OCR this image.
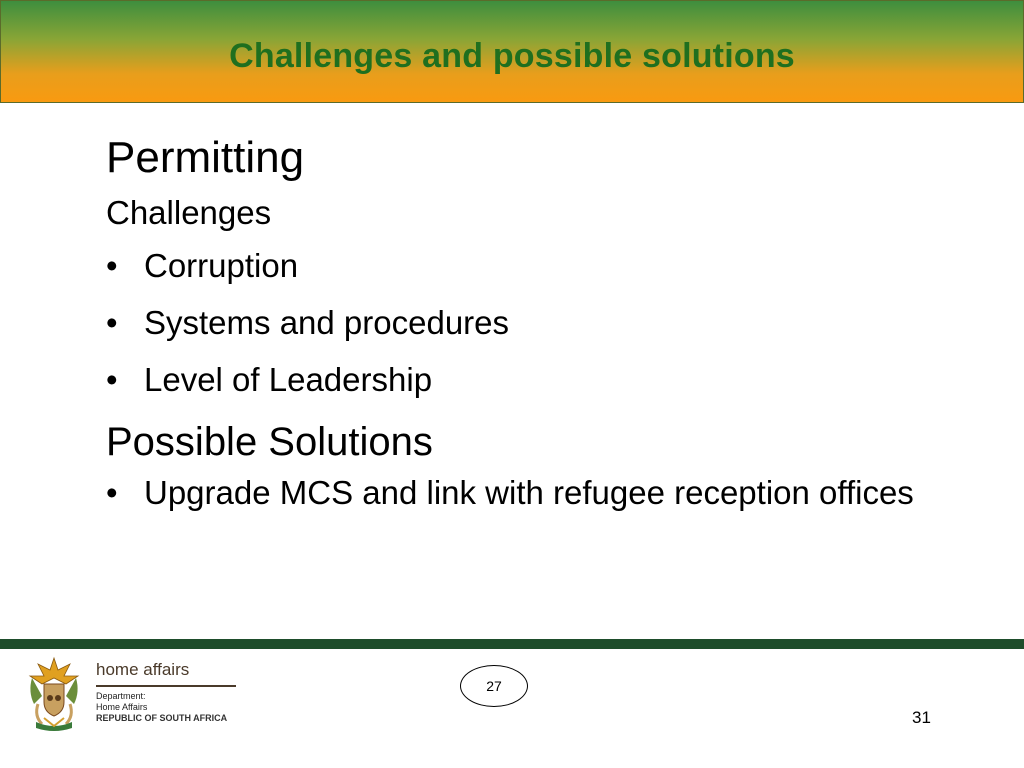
Challenges and possible solutions
Permitting
Challenges
• Corruption
• Systems and procedures
• Level of Leadership
Possible Solutions
• Upgrade MCS and link with refugee reception offices
home affairs
Department:
Home Affairs
REPUBLIC OF SOUTH AFRICA
27
31
